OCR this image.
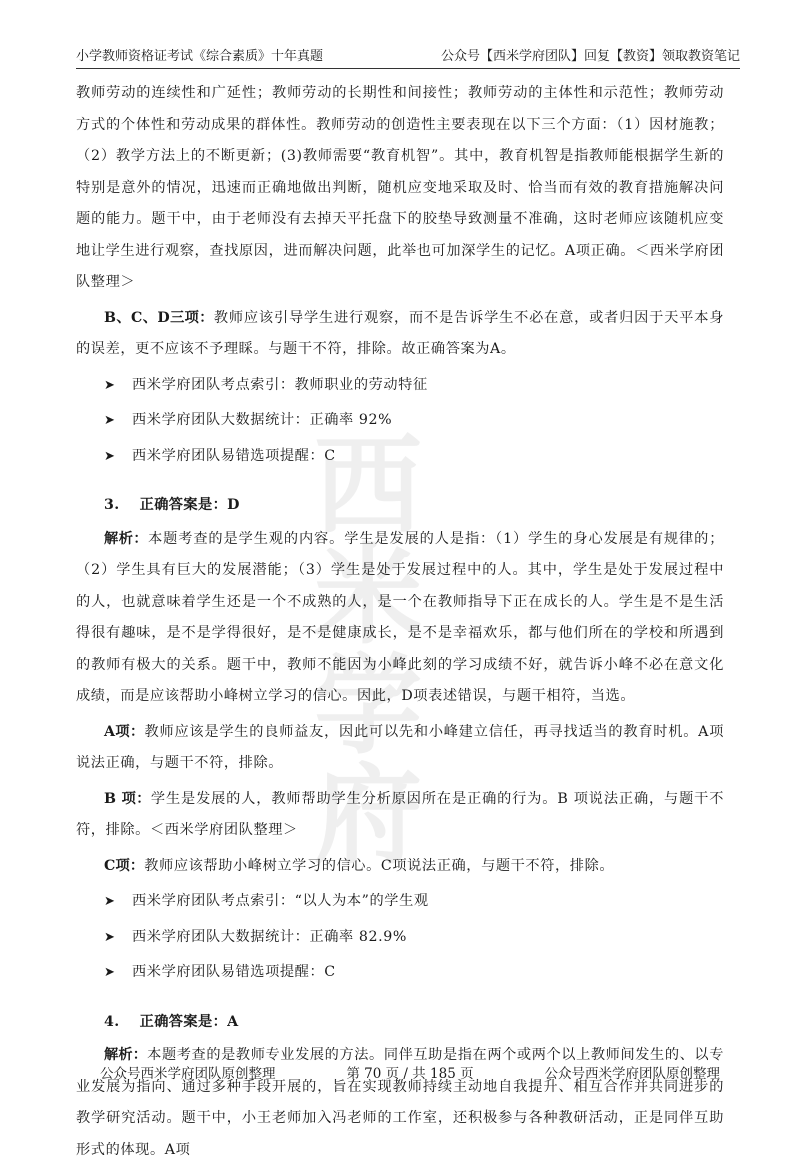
小学教师资格证考试《综合素质》十年真题	公众号【西米学府团队】回复【教资】领取教资笔记
西米
学府

教师劳动的连续性和广延性；教师劳动的长期性和间接性；教师劳动的主体性和示范性；教师劳动方式的个体性和劳动成果的群体性。教师劳动的创造性主要表现在以下三个方面：（1）因材施教；（2）教学方法上的不断更新；(3)教师需要“教育机智”。其中，教育机智是指教师能根据学生新的特别是意外的情况，迅速而正确地做出判断，随机应变地采取及时、恰当而有效的教育措施解决问题的能力。题干中，由于老师没有去掉天平托盘下的胶垫导致测量不准确，这时老师应该随机应变地让学生进行观察，查找原因，进而解决问题，此举也可加深学生的记忆。A项正确。＜西米学府团队整理＞

B、C、D三项：教师应该引导学生进行观察，而不是告诉学生不必在意，或者归因于天平本身的误差，更不应该不予理睬。与题干不符，排除。故正确答案为A。

➤	西米学府团队考点索引：教师职业的劳动特征
➤	西米学府团队大数据统计：正确率 92%
➤	西米学府团队易错选项提醒：C
3. 正确答案是：D

解析：本题考查的是学生观的内容。学生是发展的人是指：（1）学生的身心发展是有规律的；（2）学生具有巨大的发展潜能；（3）学生是处于发展过程中的人。其中，学生是处于发展过程中的人，也就意味着学生还是一个不成熟的人，是一个在教师指导下正在成长的人。学生是不是生活得很有趣味，是不是学得很好，是不是健康成长，是不是幸福欢乐，都与他们所在的学校和所遇到的教师有极大的关系。题干中，教师不能因为小峰此刻的学习成绩不好，就告诉小峰不必在意文化成绩，而是应该帮助小峰树立学习的信心。因此，D项表述错误，与题干相符，当选。

A项：教师应该是学生的良师益友，因此可以先和小峰建立信任，再寻找适当的教育时机。A项说法正确，与题干不符，排除。

B 项：学生是发展的人，教师帮助学生分析原因所在是正确的行为。B 项说法正确，与题干不符，排除。＜西米学府团队整理＞

C项：教师应该帮助小峰树立学习的信心。C项说法正确，与题干不符，排除。

➤	西米学府团队考点索引：“以人为本”的学生观
➤	西米学府团队大数据统计：正确率 82.9%
➤	西米学府团队易错选项提醒：C
4. 正确答案是：A

解析：本题考查的是教师专业发展的方法。同伴互助是指在两个或两个以上教师间发生的、以专业发展为指向、通过多种手段开展的，旨在实现教师持续主动地自我提升、相互合作并共同进步的教学研究活动。题干中，小王老师加入冯老师的工作室，还积极参与各种教研活动，正是同伴互助形式的体现。A项

公众号西米学府团队原创整理	第 70 页 / 共 185 页	公众号西米学府团队原创整理
